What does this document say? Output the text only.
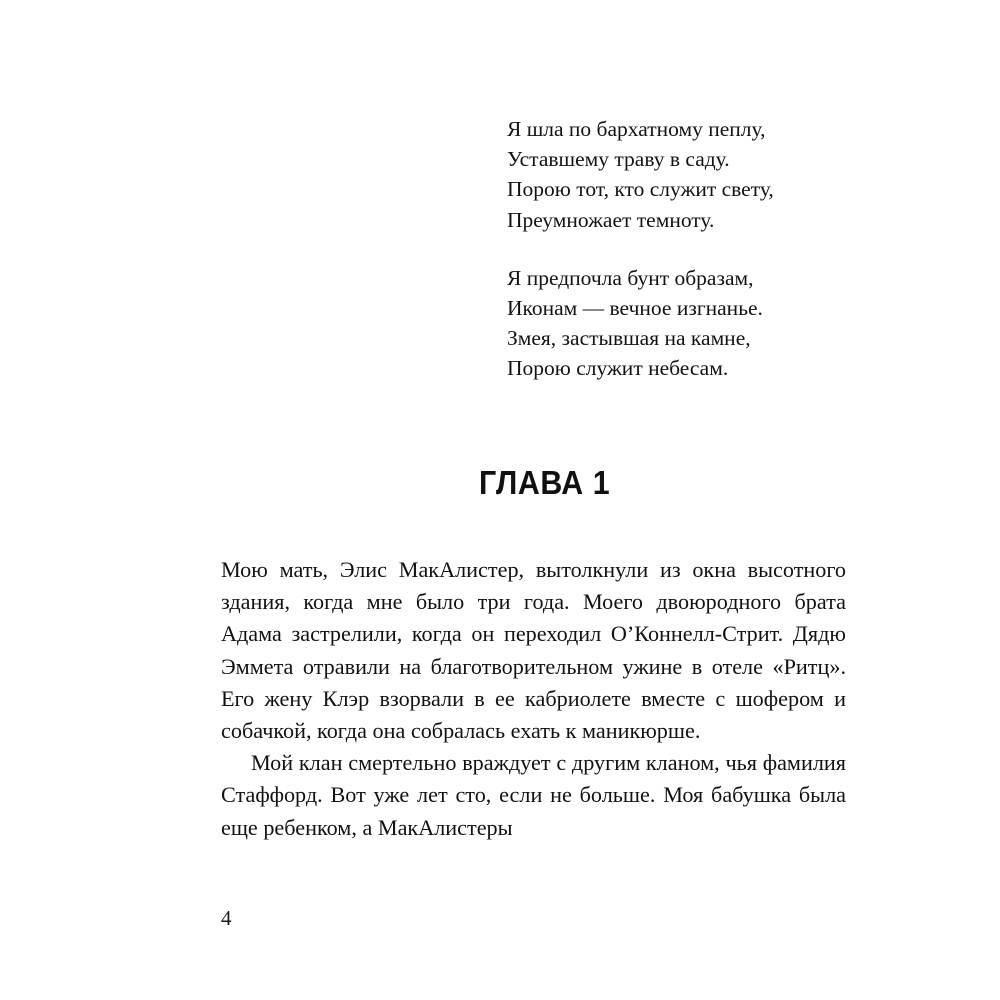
Я шла по бархатному пеплу,
Уставшему траву в саду.
Порою тот, кто служит свету,
Преумножает темноту.
Я предпочла бунт образам,
Иконам — вечное изгнанье.
Змея, застывшая на камне,
Порою служит небесам.
ГЛАВА 1

Мою мать, Элис МакАлистер, вытолкнули из окна высотного здания, когда мне было три года. Моего двоюродного брата Адама застрелили, когда он переходил О’Коннелл-Стрит. Дядю Эммета отравили на благотворительном ужине в отеле «Ритц». Его жену Клэр взорвали в ее кабриолете вместе с шофером и собачкой, когда она собралась ехать к маникюрше.

Мой клан смертельно враждует с другим кланом, чья фамилия Стаффорд. Вот уже лет сто, если не больше. Моя бабушка была еще ребенком, а МакАлистеры

4
